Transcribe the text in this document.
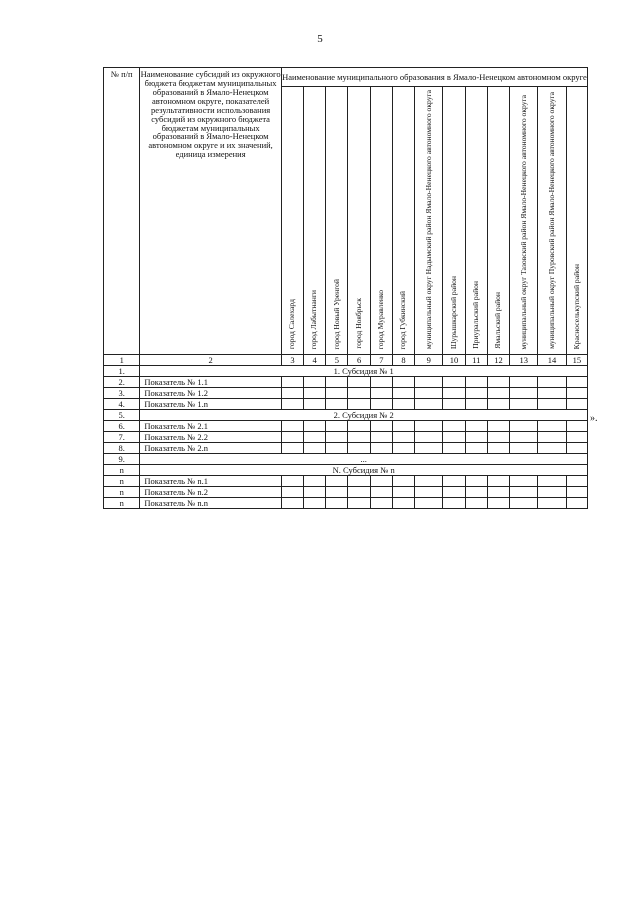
5
№ п/п	Наименование субсидий из окружного бюджета бюджетам муниципальных образований в Ямало-Ненецком автономном округе, показателей результативности использования субсидий из окружного бюджета бюджетам муниципальных образований в Ямало-Ненецком автономном округе и их значений, единица измерения	Наименование муниципального образования в Ямало-Ненецком автономном округе												
		город Салехард	город Лабытнанги	город Новый Уренгой	город Ноябрьск	город Муравленко	город Губкинский	муниципальный округ Надымский район Ямало-Ненецкого автономного округа	Шурышкарский район	Приуральский район	Ямальский район	муниципальный округ Тазовский район Ямало-Ненецкого автономного округа	муниципальный округ Пуровский район Ямало-Ненецкого автономного округа	Красноселькупский район
1	2	3	4	5	6	7	8	9	10	11	12	13	14	15
1.	1. Субсидия № 1													
2.	Показатель № 1.1													
3.	Показатель № 1.2													
4.	Показатель № 1.n													
5.	2. Субсидия № 2													
6.	Показатель № 2.1													
7.	Показатель № 2.2													
8.	Показатель № 2.n													
9.	...													
n	N. Субсидия № n													
n	Показатель № n.1													
n	Показатель № n.2													
n	Показатель № n.n													
».
